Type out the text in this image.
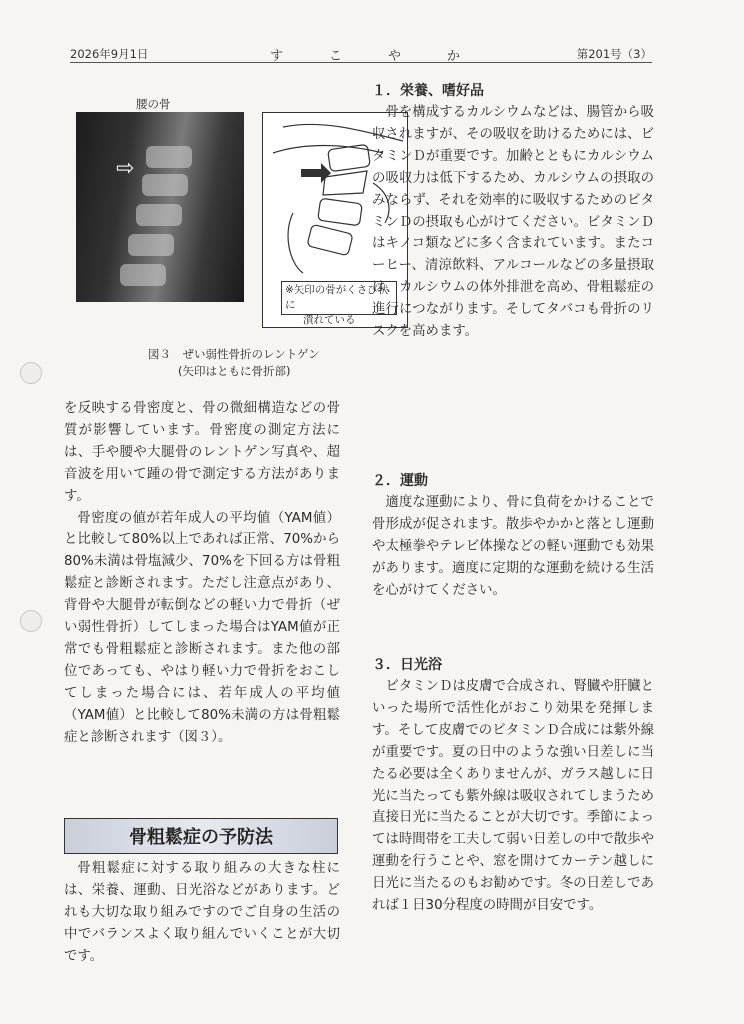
2026年9月1日	す	こ	や	か	第201号（3）
腰の骨
⇨
※矢印の骨がくさび状に
潰れている
図３　ぜい弱性骨折のレントゲン
(矢印はともに骨折部)

を反映する骨密度と、骨の微細構造などの骨質が影響しています。骨密度の測定方法には、手や腰や大腿骨のレントゲン写真や、超音波を用いて踵の骨で測定する方法があります。

骨密度の値が若年成人の平均値（YAM値）と比較して80%以上であれば正常、70%から80%未満は骨塩減少、70%を下回る方は骨粗鬆症と診断されます。ただし注意点があり、背骨や大腿骨が転倒などの軽い力で骨折（ぜい弱性骨折）してしまった場合はYAM値が正常でも骨粗鬆症と診断されます。また他の部位であっても、やはり軽い力で骨折をおこしてしまった場合には、若年成人の平均値（YAM値）と比較して80%未満の方は骨粗鬆症と診断されます（図３）。

骨粗鬆症の予防法

骨粗鬆症に対する取り組みの大きな柱には、栄養、運動、日光浴などがあります。どれも大切な取り組みですのでご自身の生活の中でバランスよく取り組んでいくことが大切です。

１．栄養、嗜好品

骨を構成するカルシウムなどは、腸管から吸収されますが、その吸収を助けるためには、ビタミンＤが重要です。加齢とともにカルシウムの吸収力は低下するため、カルシウムの摂取のみならず、それを効率的に吸収するためのビタミンＤの摂取も心がけてください。ビタミンＤはキノコ類などに多く含まれています。またコーヒー、清涼飲料、アルコールなどの多量摂取は、カルシウムの体外排泄を高め、骨粗鬆症の進行につながります。そしてタバコも骨折のリスクを高めます。

２．運動

適度な運動により、骨に負荷をかけることで骨形成が促されます。散歩やかかと落とし運動や太極拳やテレビ体操などの軽い運動でも効果があります。適度に定期的な運動を続ける生活を心がけてください。

３．日光浴

ビタミンＤは皮膚で合成され、腎臓や肝臓といった場所で活性化がおこり効果を発揮します。そして皮膚でのビタミンＤ合成には紫外線が重要です。夏の日中のような強い日差しに当たる必要は全くありませんが、ガラス越しに日光に当たっても紫外線は吸収されてしまうため直接日光に当たることが大切です。季節によっては時間帯を工夫して弱い日差しの中で散歩や運動を行うことや、窓を開けてカーテン越しに日光に当たるのもお勧めです。冬の日差しであれば１日30分程度の時間が目安です。
